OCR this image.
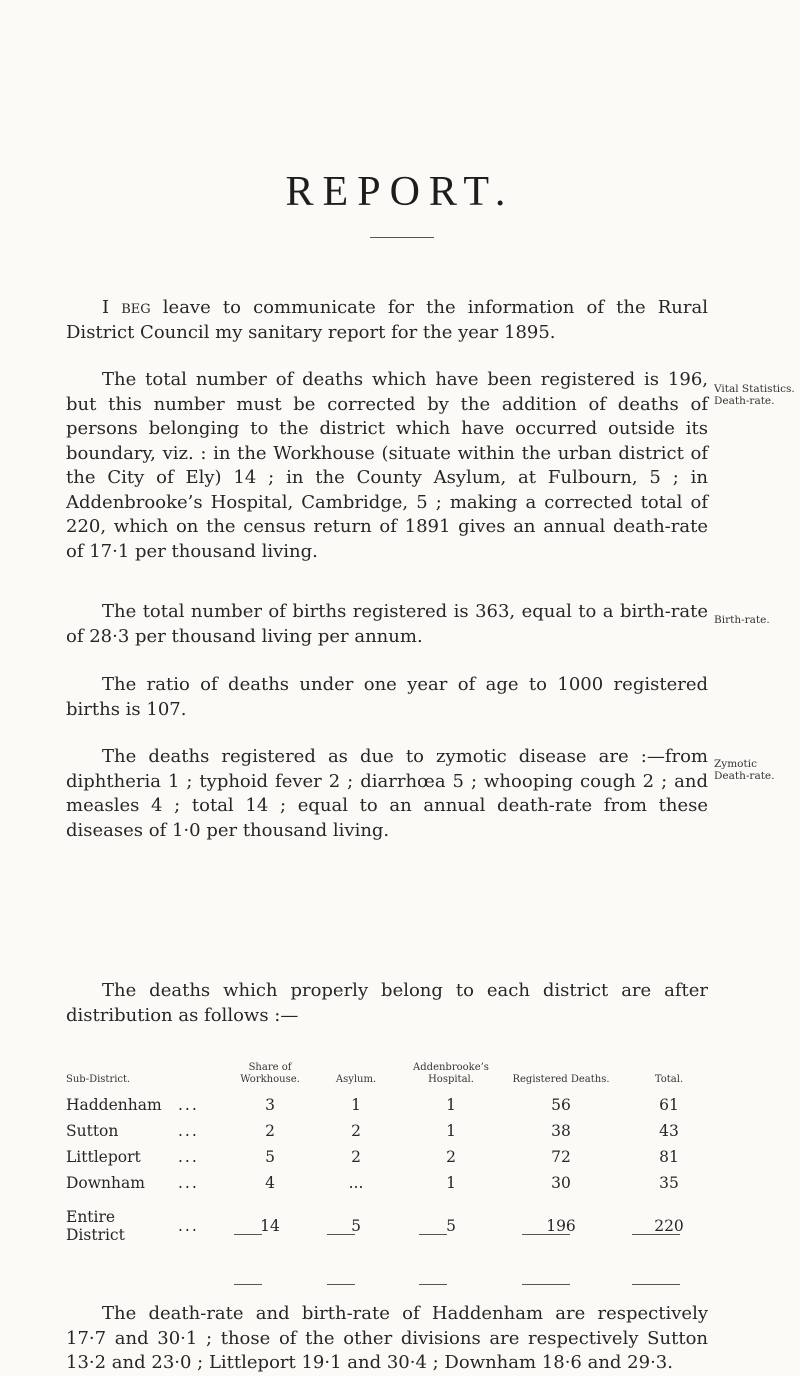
REPORT.

I beg leave to communicate for the information of the Rural District Council my sanitary report for the year 1895.

The total number of deaths which have been registered is 196, but this number must be corrected by the addition of deaths of persons belonging to the district which have occurred outside its boundary, viz. : in the Workhouse (situate within the urban district of the City of Ely) 14 ; in the County Asylum, at Fulbourn, 5 ; in Addenbrooke’s Hospital, Cambridge, 5 ; making a corrected total of 220, which on the census return of 1891 gives an annual death-rate of 17·1 per thousand living.

Vital Statistics.
Death-rate.

The total number of births registered is 363, equal to a birth-rate of 28·3 per thousand living per annum.

Birth-rate.

The ratio of deaths under one year of age to 1000 registered births is 107.

The deaths registered as due to zymotic disease are :—from diphtheria 1 ; typhoid fever 2 ; diarrhœa 5 ; whooping cough 2 ; and measles 4 ; total 14 ; equal to an annual death-rate from these diseases of 1·0 per thousand living.

Zymotic
Death-rate.

The deaths which properly belong to each district are after distribution as follows :—

Sub-District.		Share of Workhouse.	Asylum.	Addenbrooke’s Hospital.	Registered Deaths.	Total.
Haddenham	...	3	1	1	56	61
Sutton	...	2	2	1	38	43
Littleport	...	5	2	2	72	81
Downham	...	4	...	1	30	35
Entire District	...	14	5	5	196	220

The death-rate and birth-rate of Haddenham are respectively 17·7 and 30·1 ; those of the other divisions are respectively Sutton 13·2 and 23·0 ; Littleport 19·1 and 30·4 ; Downham 18·6 and 29·3.
